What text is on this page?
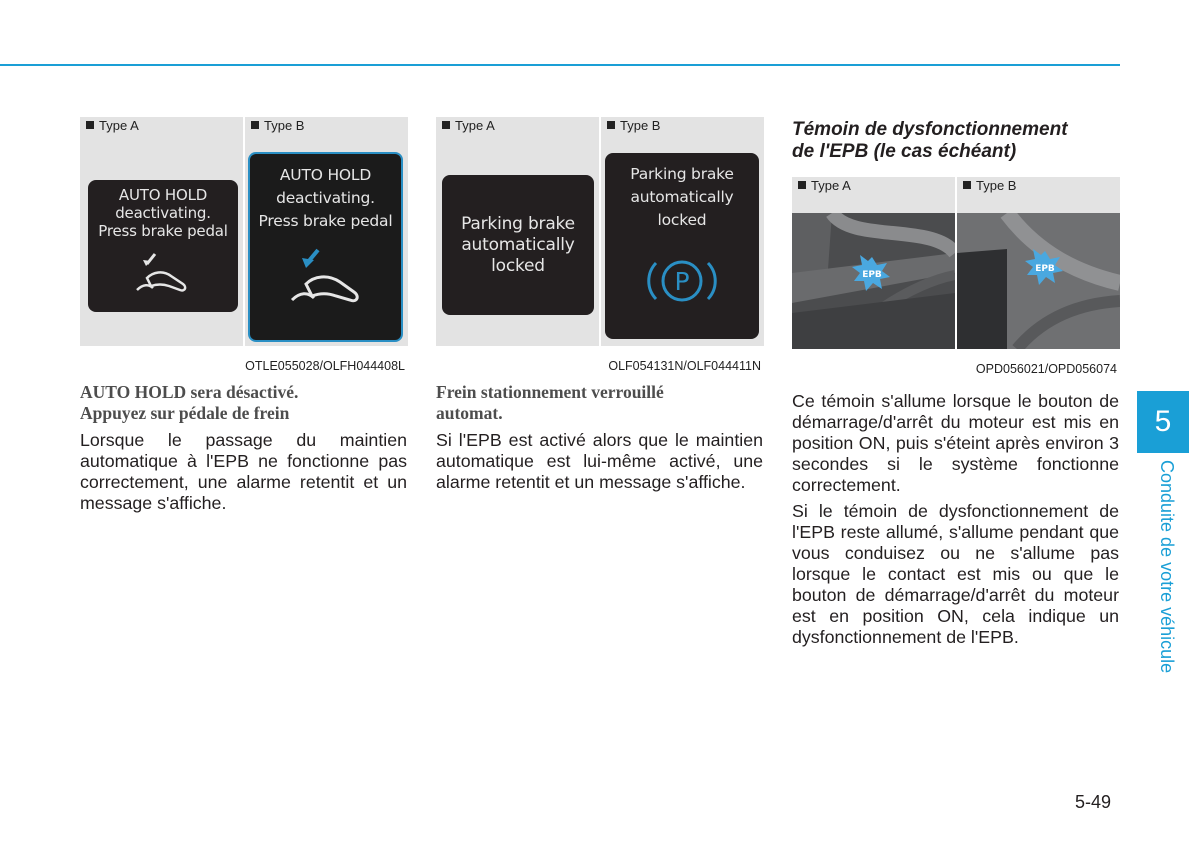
Type A
AUTO HOLD
deactivating.
Press brake pedal
Type B
AUTO HOLD
deactivating.
Press brake pedal
OTLE055028/OLFH044408L
Type A
Parking brake
automatically
locked
Type B
Parking brake
automatically
locked
P
OLF054131N/OLF044411N
Type A
EPB
Type B
EPB
OPD056021/OPD056074
AUTO HOLD sera désactivé.
Appuyez sur pédale de frein

Lorsque le passage du maintien automatique à l'EPB ne fonctionne pas correctement, une alarme retentit et un message s'affiche.

Frein stationnement verrouillé
automat.

Si l'EPB est activé alors que le maintien automatique est lui-même activé, une alarme retentit et un message s'affiche.

Témoin de dysfonctionnement
de l'EPB (le cas échéant)

Ce témoin s'allume lorsque le bouton de démarrage/d'arrêt du moteur est mis en position ON, puis s'éteint après environ 3 secondes si le système fonctionne correctement.

Si le témoin de dysfonctionnement de l'EPB reste allumé, s'allume pendant que vous conduisez ou ne s'allume pas lorsque le contact est mis ou que le bouton de démarrage/d'arrêt du moteur est en position ON, cela indique un dysfonctionnement de l'EPB.

5
Conduite de votre véhicule
5-49
